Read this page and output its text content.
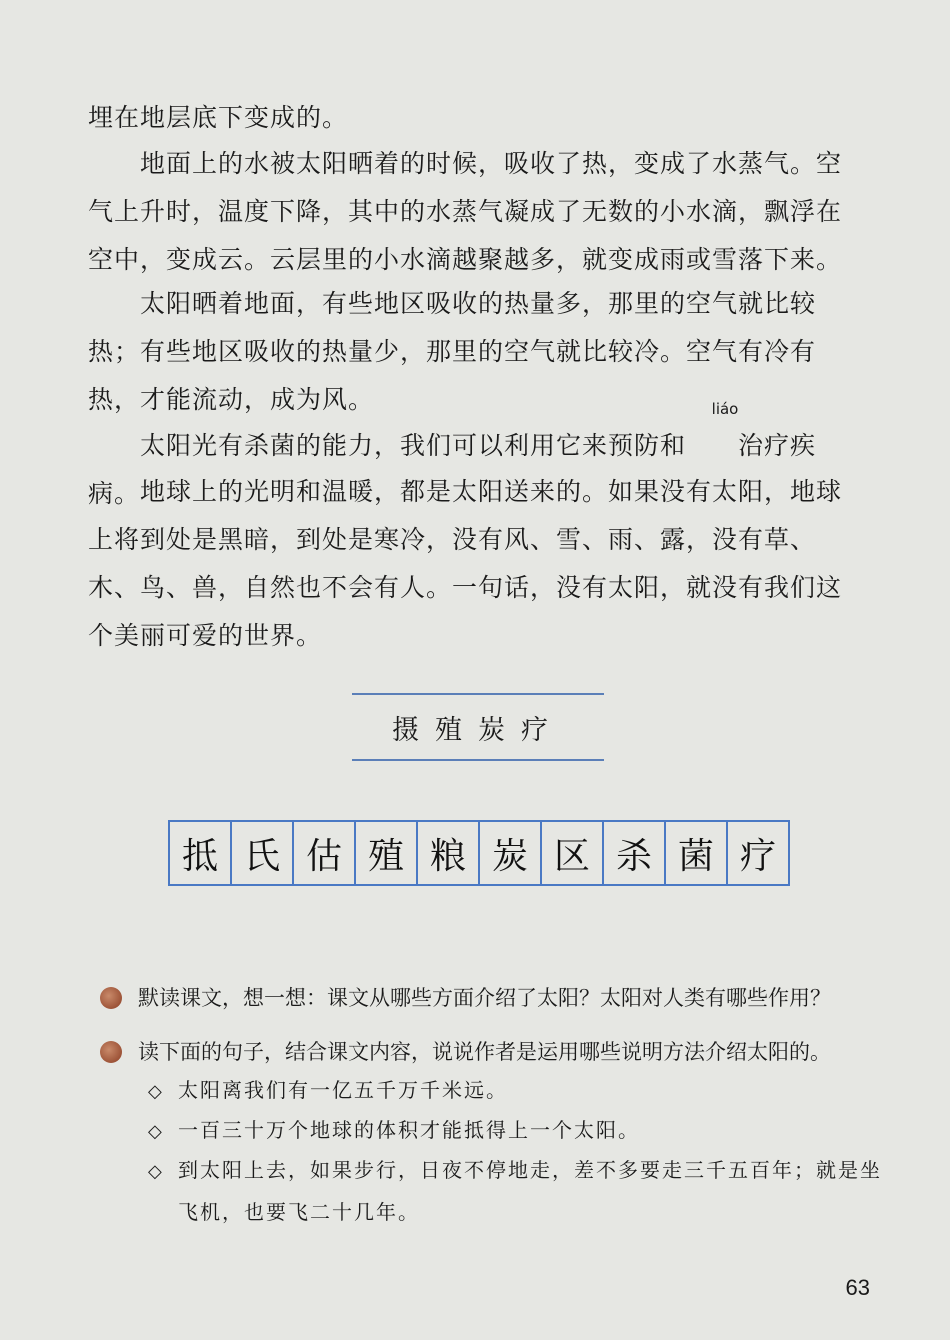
埋在地层底下变成的。
地面上的水被太阳晒着的时候，吸收了热，变成了水蒸气。空气上升时，温度下降，其中的水蒸气凝成了无数的小水滴，飘浮在空中，变成云。云层里的小水滴越聚越多，就变成雨或雪落下来。
太阳晒着地面，有些地区吸收的热量多，那里的空气就比较热；有些地区吸收的热量少，那里的空气就比较冷。空气有冷有热，才能流动，成为风。
太阳光有杀菌的能力，我们可以利用它来预防和
liáo
治疗疾病。 地球上的光明和温暖，都是太阳送来的。如果没有太阳，地球上将到处是黑暗，到处是寒冷，没有风、雪、雨、露，没有草、木、鸟、兽，自然也不会有人。一句话，没有太阳，就没有我们这个美丽可爱的世界。
摄殖炭疗
抵 氏 估 殖 粮 炭 区 杀 菌 疗
默读课文，想一想：课文从哪些方面介绍了太阳？太阳对人类有哪些作用？
读下面的句子，结合课文内容，说说作者是运用哪些说明方法介绍太阳的。
◇ 太阳离我们有一亿五千万千米远。
◇ 一百三十万个地球的体积才能抵得上一个太阳。
◇ 到太阳上去，如果步行，日夜不停地走，差不多要走三千五百年；就是坐飞机，也要飞二十几年。
63
